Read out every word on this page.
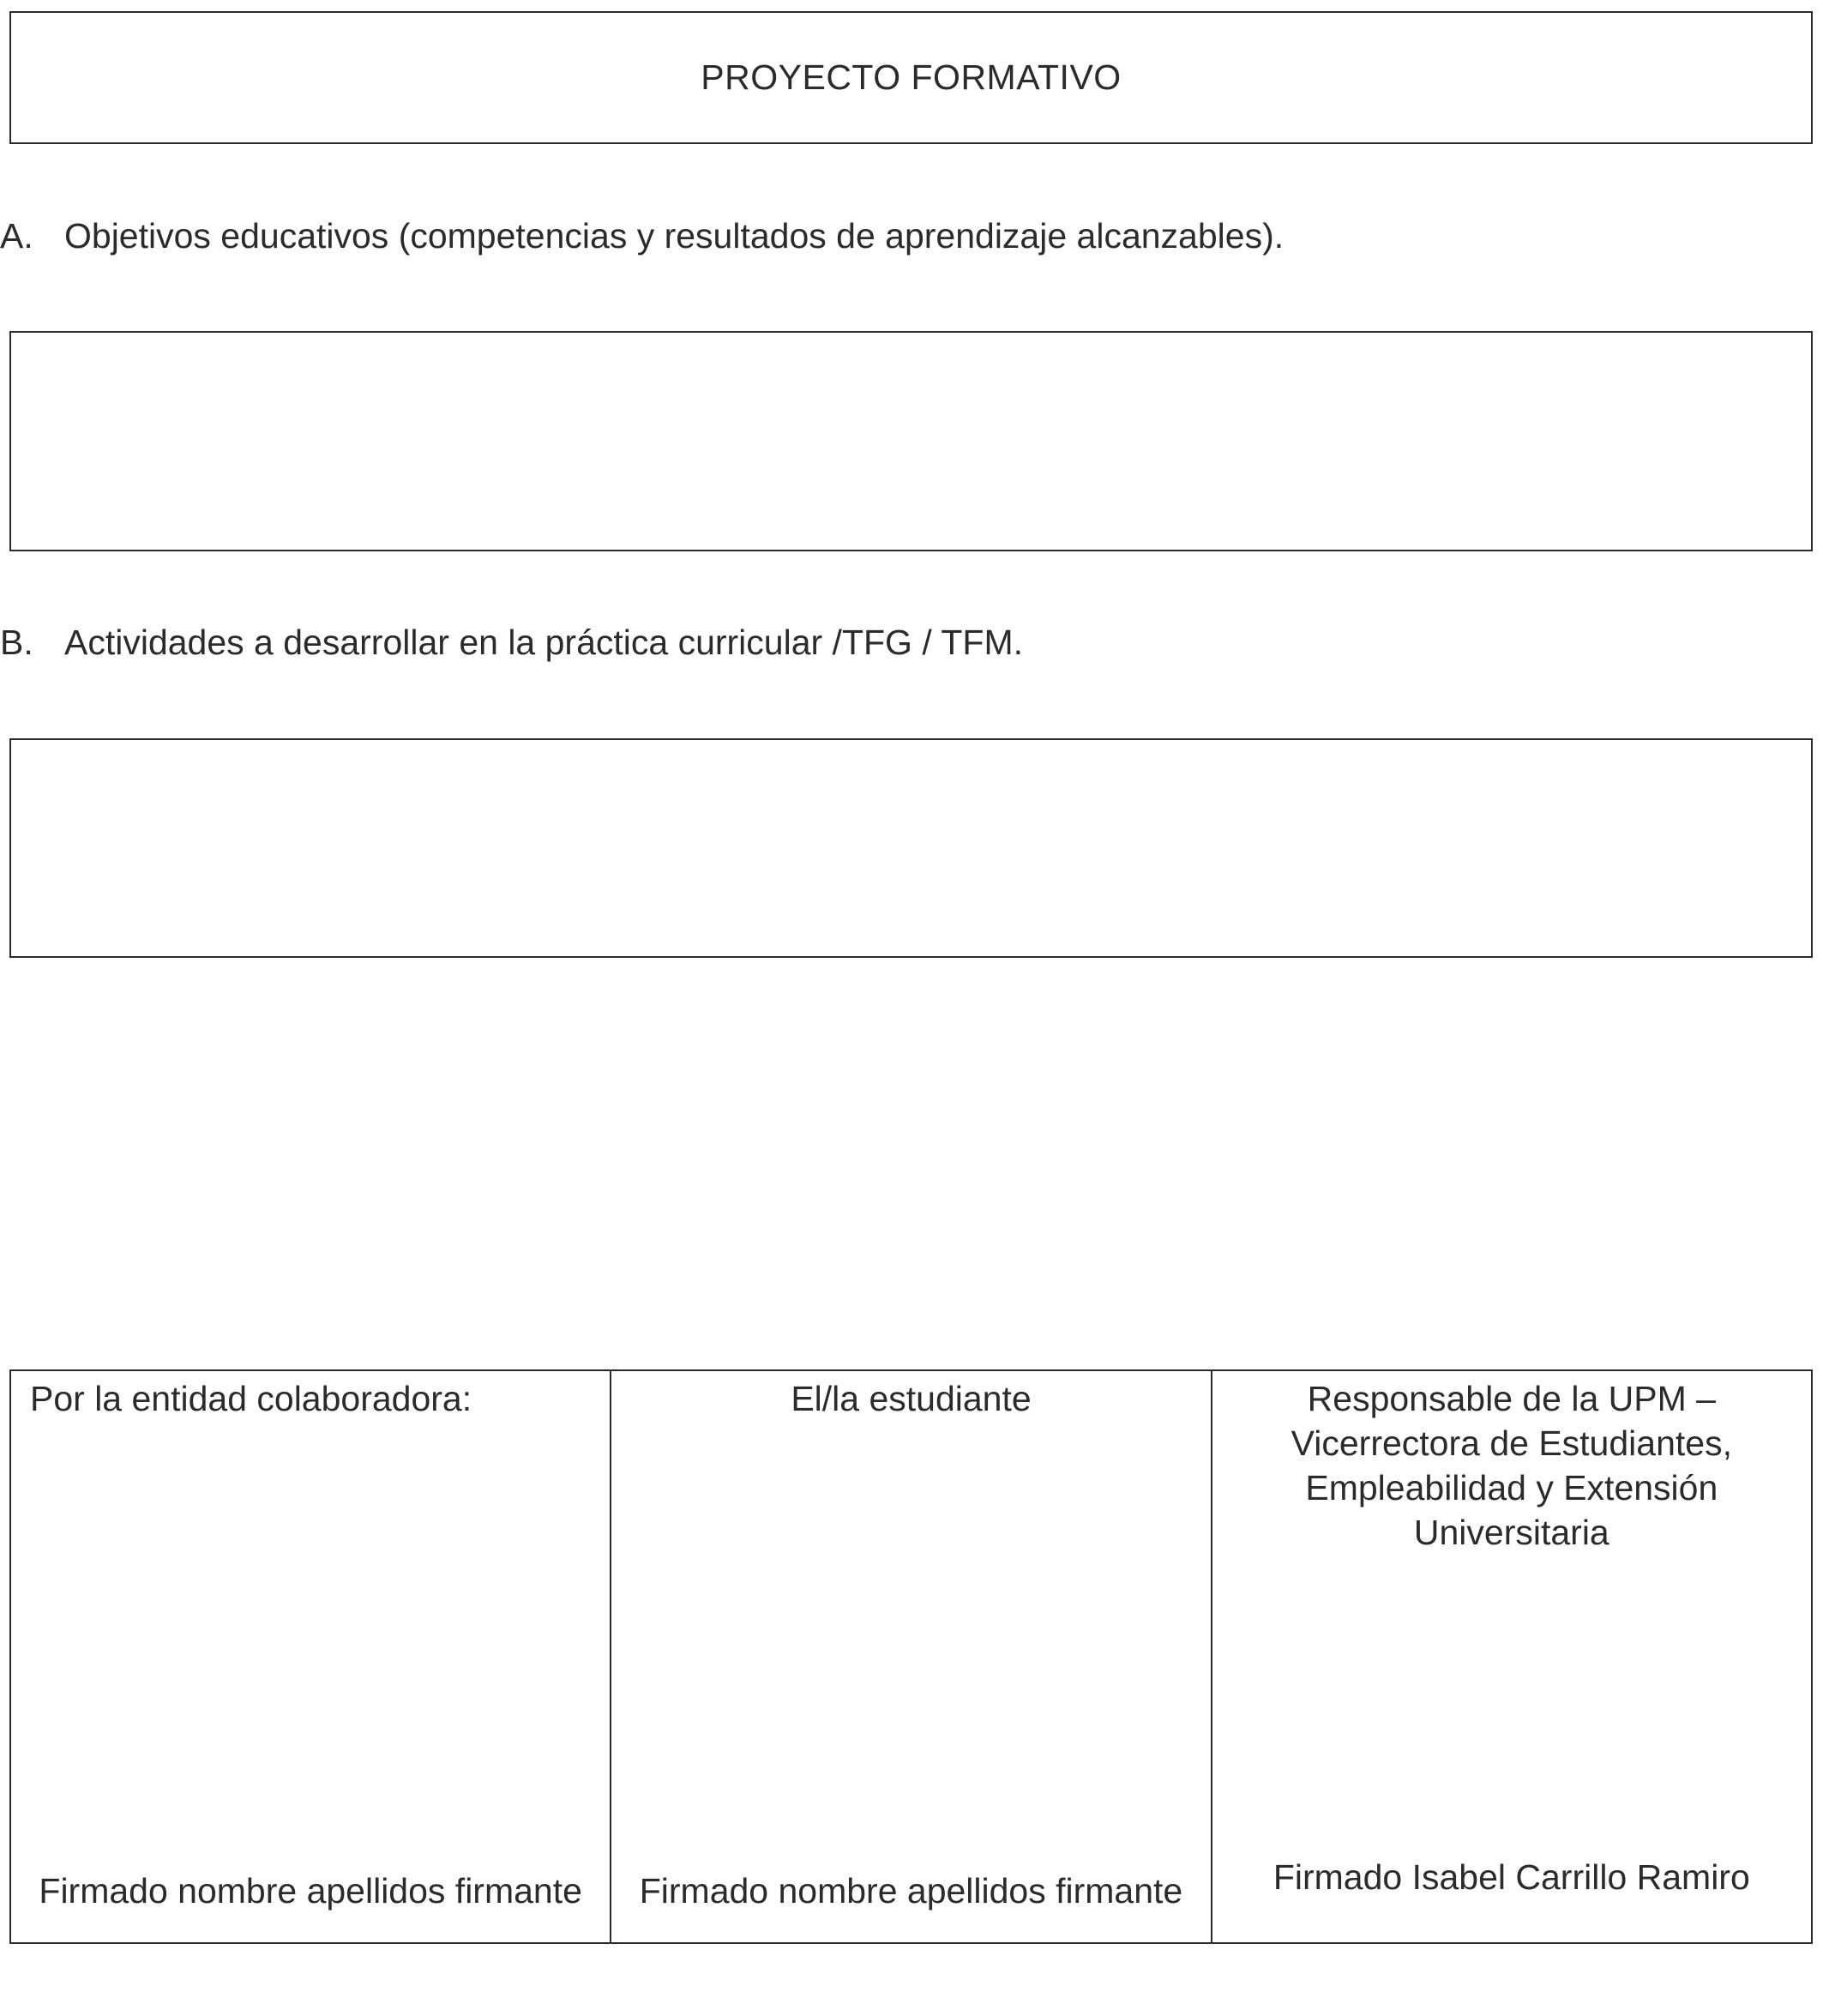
PROYECTO FORMATIVO
A. Objetivos educativos (competencias y resultados de aprendizaje alcanzables).
B. Actividades a desarrollar en la práctica curricular /TFG / TFM.
Por la entidad colaboradora:
Firmado nombre apellidos firmante
El/la estudiante
Firmado nombre apellidos firmante
Responsable de la UPM – Vicerrectora de Estudiantes, Empleabilidad y Extensión Universitaria
Firmado Isabel Carrillo Ramiro
